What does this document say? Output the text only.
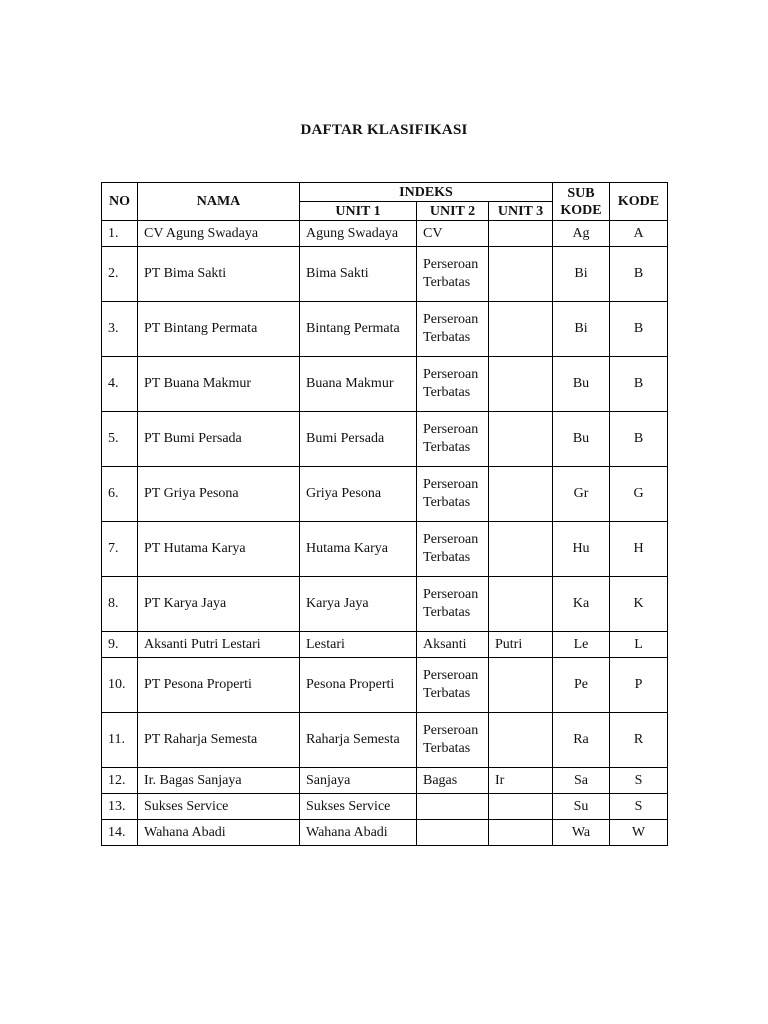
DAFTAR KLASIFIKASI
NO	NAMA	INDEKS			SUB KODE	KODE
		UNIT 1	UNIT 2	UNIT 3		
1.	CV Agung Swadaya	Agung Swadaya	CV		Ag	A
2.	PT Bima Sakti	Bima Sakti	Perseroan Terbatas		Bi	B
3.	PT Bintang Permata	Bintang Permata	Perseroan Terbatas		Bi	B
4.	PT Buana Makmur	Buana Makmur	Perseroan Terbatas		Bu	B
5.	PT Bumi Persada	Bumi Persada	Perseroan Terbatas		Bu	B
6.	PT Griya Pesona	Griya Pesona	Perseroan Terbatas		Gr	G
7.	PT Hutama Karya	Hutama Karya	Perseroan Terbatas		Hu	H
8.	PT Karya Jaya	Karya Jaya	Perseroan Terbatas		Ka	K
9.	Aksanti Putri Lestari	Lestari	Aksanti	Putri	Le	L
10.	PT Pesona Properti	Pesona Properti	Perseroan Terbatas		Pe	P
11.	PT Raharja Semesta	Raharja Semesta	Perseroan Terbatas		Ra	R
12.	Ir. Bagas Sanjaya	Sanjaya	Bagas	Ir	Sa	S
13.	Sukses Service	Sukses Service			Su	S
14.	Wahana Abadi	Wahana Abadi			Wa	W
